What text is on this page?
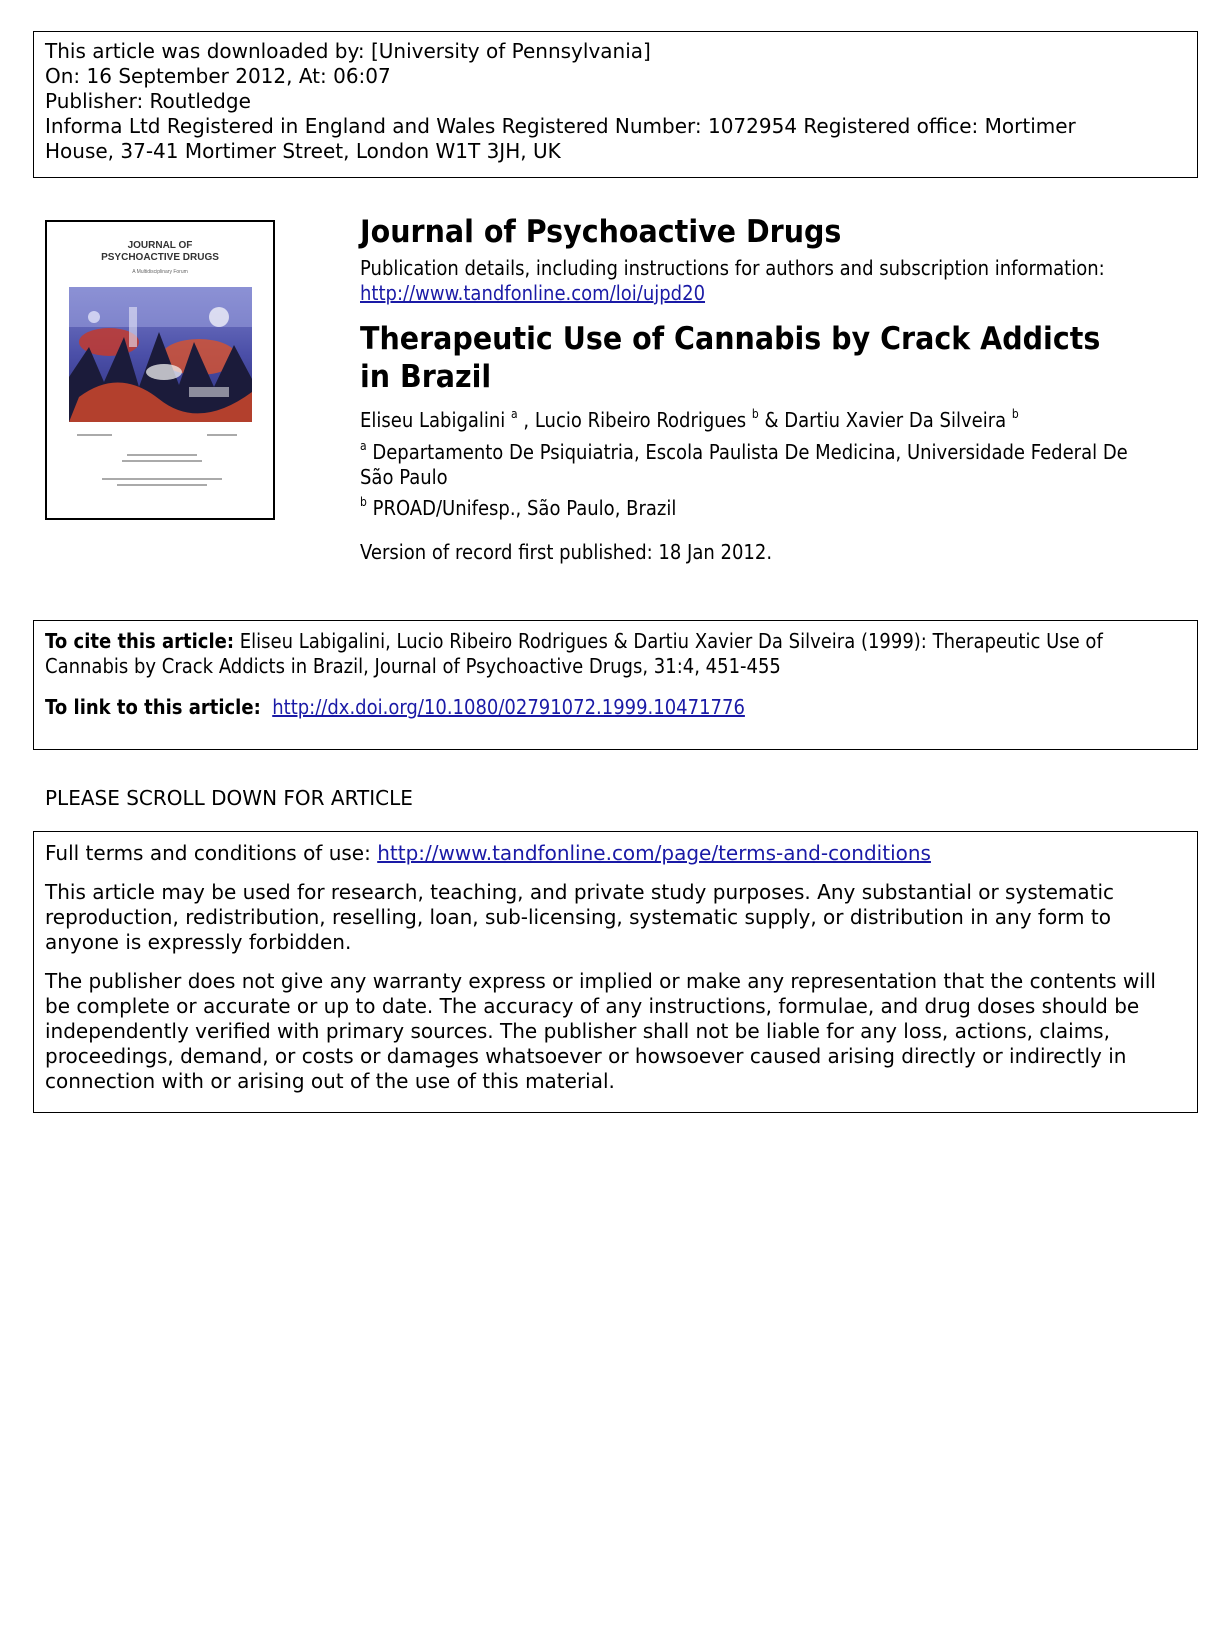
This article was downloaded by: [University of Pennsylvania]
On: 16 September 2012, At: 06:07
Publisher: Routledge
Informa Ltd Registered in England and Wales Registered Number: 1072954 Registered office: Mortimer
House, 37-41 Mortimer Street, London W1T 3JH, UK
JOURNAL OF
PSYCHOACTIVE DRUGS
A Multidisciplinary Forum
Journal of Psychoactive Drugs
Publication details, including instructions for authors and subscription information:
http://www.tandfonline.com/loi/ujpd20
Therapeutic Use of Cannabis by Crack Addicts in Brazil
Eliseu Labigalini $^a$ , Lucio Ribeiro Rodrigues $^b$ & Dartiu Xavier Da Silveira $^b$
$^a$ Departamento De Psiquiatria, Escola Paulista De Medicina, Universidade Federal De
São Paulo
$^b$ PROAD/Unifesp., São Paulo, Brazil
Version of record first published: 18 Jan 2012.
To cite this article: Eliseu Labigalini, Lucio Ribeiro Rodrigues & Dartiu Xavier Da Silveira (1999): Therapeutic Use of
Cannabis by Crack Addicts in Brazil, Journal of Psychoactive Drugs, 31:4, 451-455
To link to this article: http://dx.doi.org/10.1080/02791072.1999.10471776
PLEASE SCROLL DOWN FOR ARTICLE
Full terms and conditions of use: http://www.tandfonline.com/page/terms-and-conditions
This article may be used for research, teaching, and private study purposes. Any substantial or systematic reproduction, redistribution, reselling, loan, sub-licensing, systematic supply, or distribution in any form to anyone is expressly forbidden.
The publisher does not give any warranty express or implied or make any representation that the contents will be complete or accurate or up to date. The accuracy of any instructions, formulae, and drug doses should be independently verified with primary sources. The publisher shall not be liable for any loss, actions, claims, proceedings, demand, or costs or damages whatsoever or howsoever caused arising directly or indirectly in connection with or arising out of the use of this material.
